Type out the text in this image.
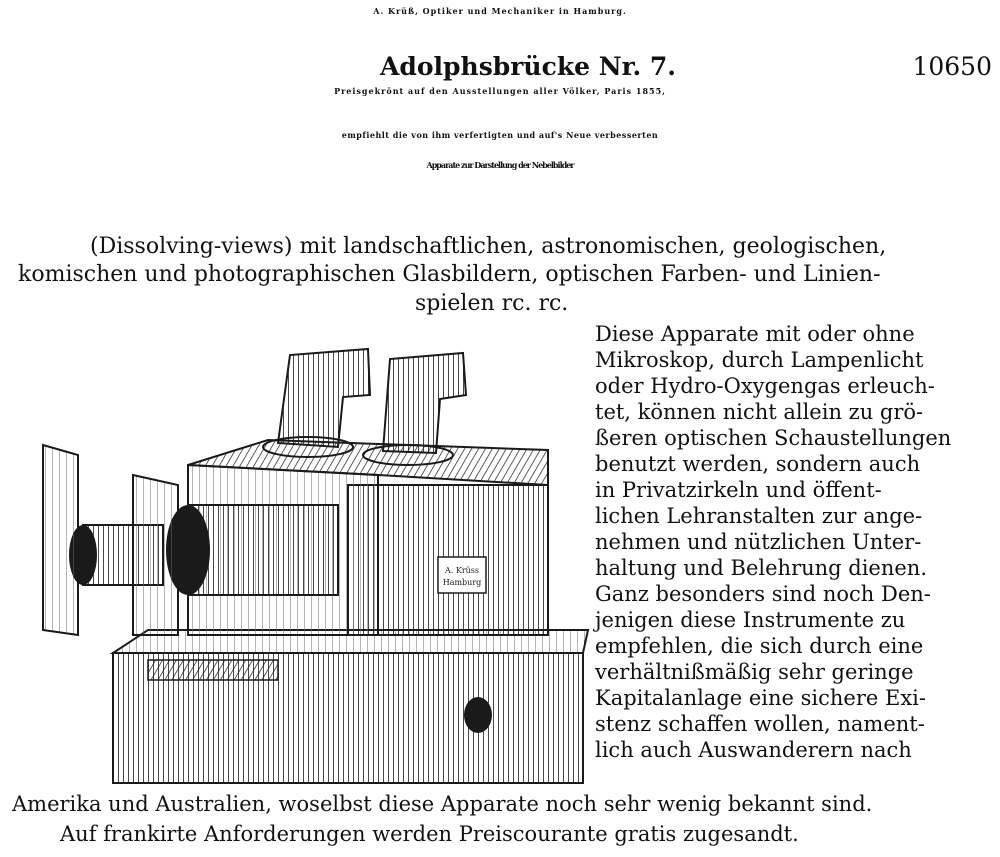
A. Krüß, Optiker und Mechaniker in Hamburg.
Adolphsbrücke Nr. 7.	10650
Preisgekrönt auf den Ausstellungen aller Völker, Paris 1855,
empfiehlt die von ihm verfertigten und auf's Neue verbesserten
Apparate zur Darstellung der Nebelbilder
(Dissolving-views) mit landschaftlichen, astronomischen, geologischen,
komischen und photographischen Glasbildern, optischen Farben- und Linien-
spielen rc. rc.
A. Krüss
Hamburg
Diese Apparate mit oder ohne
Mikroskop, durch Lampenlicht
oder Hydro-Oxygengas erleuch-
tet, können nicht allein zu grö-
ßeren optischen Schaustellungen
benutzt werden, sondern auch
in Privatzirkeln und öffent-
lichen Lehranstalten zur ange-
nehmen und nützlichen Unter-
haltung und Belehrung dienen.
Ganz besonders sind noch Den-
jenigen diese Instrumente zu
empfehlen, die sich durch eine
verhältnißmäßig sehr geringe
Kapitalanlage eine sichere Exi-
stenz schaffen wollen, nament-
lich auch Auswanderern nach
Amerika und Australien, woselbst diese Apparate noch sehr wenig bekannt sind.
Auf frankirte Anforderungen werden Preiscourante gratis zugesandt.
